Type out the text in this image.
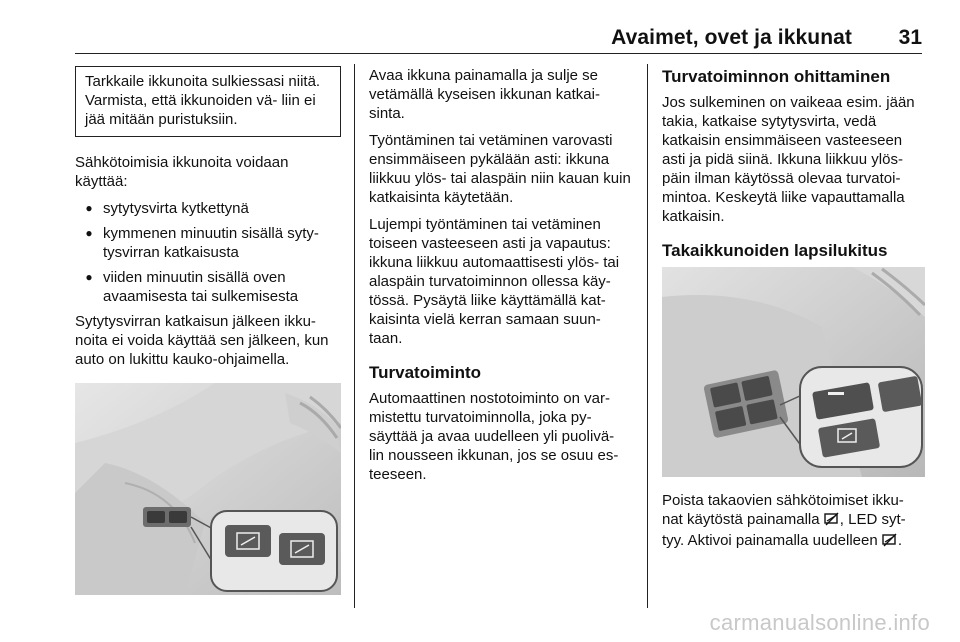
Avaimet, ovet ja ikkunat 31
Tarkkaile ikkunoita sulkiessasi niitä. Varmista, että ikkunoiden vä- liin ei jää mitään puristuksiin.

Sähkötoimisia ikkunoita voidaan käyttää:

● sytytysvirta kytkettynä
● kymmenen minuutin sisällä syty- tysvirran katkaisusta
● viiden minuutin sisällä oven avaamisesta tai sulkemisesta

Sytytysvirran katkaisun jälkeen ikku- noita ei voida käyttää sen jälkeen, kun auto on lukittu kauko-ohjaimella.

Avaa ikkuna painamalla ja sulje se vetämällä kyseisen ikkunan katkai- sinta.

Työntäminen tai vetäminen varovasti ensimmäiseen pykälään asti: ikkuna liikkuu ylös- tai alaspäin niin kauan kuin katkaisinta käytetään.

Lujempi työntäminen tai vetäminen toiseen vasteeseen asti ja vapautus: ikkuna liikkuu automaattisesti ylös- tai alaspäin turvatoiminnon ollessa käy- tössä. Pysäytä liike käyttämällä kat- kaisinta vielä kerran samaan suun- taan.

Turvatoiminto

Automaattinen nostotoiminto on var- mistettu turvatoiminnolla, joka py- säyttää ja avaa uudelleen yli puolivä- lin nousseen ikkunan, jos se osuu es- teeseen.

Turvatoiminnon ohittaminen

Jos sulkeminen on vaikeaa esim. jään takia, katkaise sytytysvirta, vedä katkaisin ensimmäiseen vasteeseen asti ja pidä siinä. Ikkuna liikkuu ylös- päin ilman käytössä olevaa turvatoi- mintoa. Keskeytä liike vapauttamalla katkaisin.

Takaikkunoiden lapsilukitus

Poista takaovien sähkötoimiset ikku- nat käytöstä painamalla , LED syt- tyy. Aktivoi painamalla uudelleen .

carmanualsonline.info
